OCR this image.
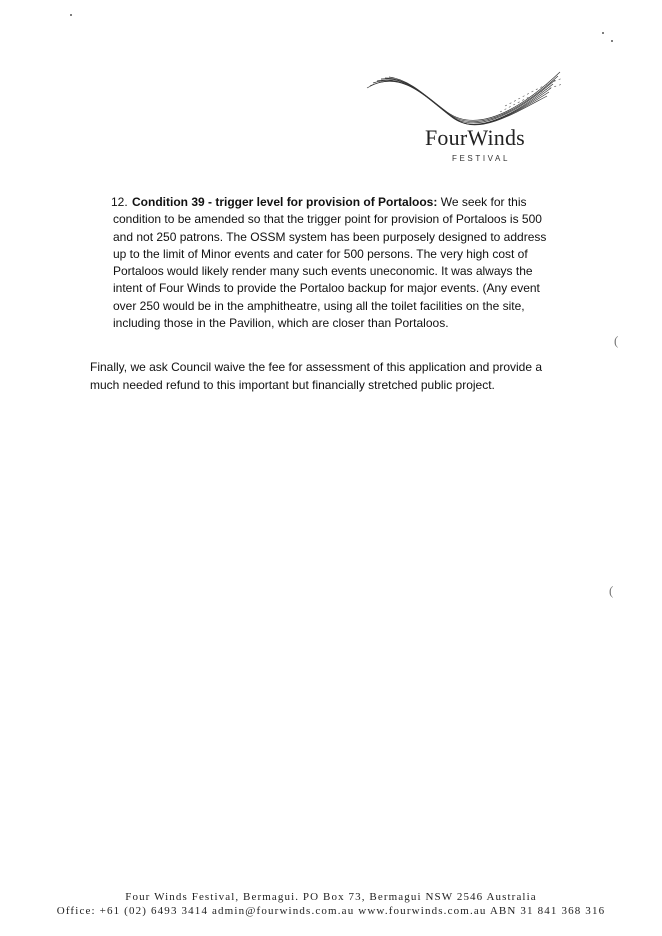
FourWinds
FESTIVAL
12. Condition 39 - trigger level for provision of Portaloos: We seek for this condition to be amended so that the trigger point for provision of Portaloos is 500 and not 250 patrons. The OSSM system has been purposely designed to address up to the limit of Minor events and cater for 500 persons. The very high cost of Portaloos would likely render many such events uneconomic. It was always the intent of Four Winds to provide the Portaloo backup for major events. (Any event over 250 would be in the amphitheatre, using all the toilet facilities on the site, including those in the Pavilion, which are closer than Portaloos.

Finally, we ask Council waive the fee for assessment of this application and provide a much needed refund to this important but financially stretched public project.

(
(
Four Winds Festival, Bermagui. PO Box 73, Bermagui NSW 2546 Australia
Office: +61 (02) 6493 3414 admin@fourwinds.com.au www.fourwinds.com.au ABN 31 841 368 316
